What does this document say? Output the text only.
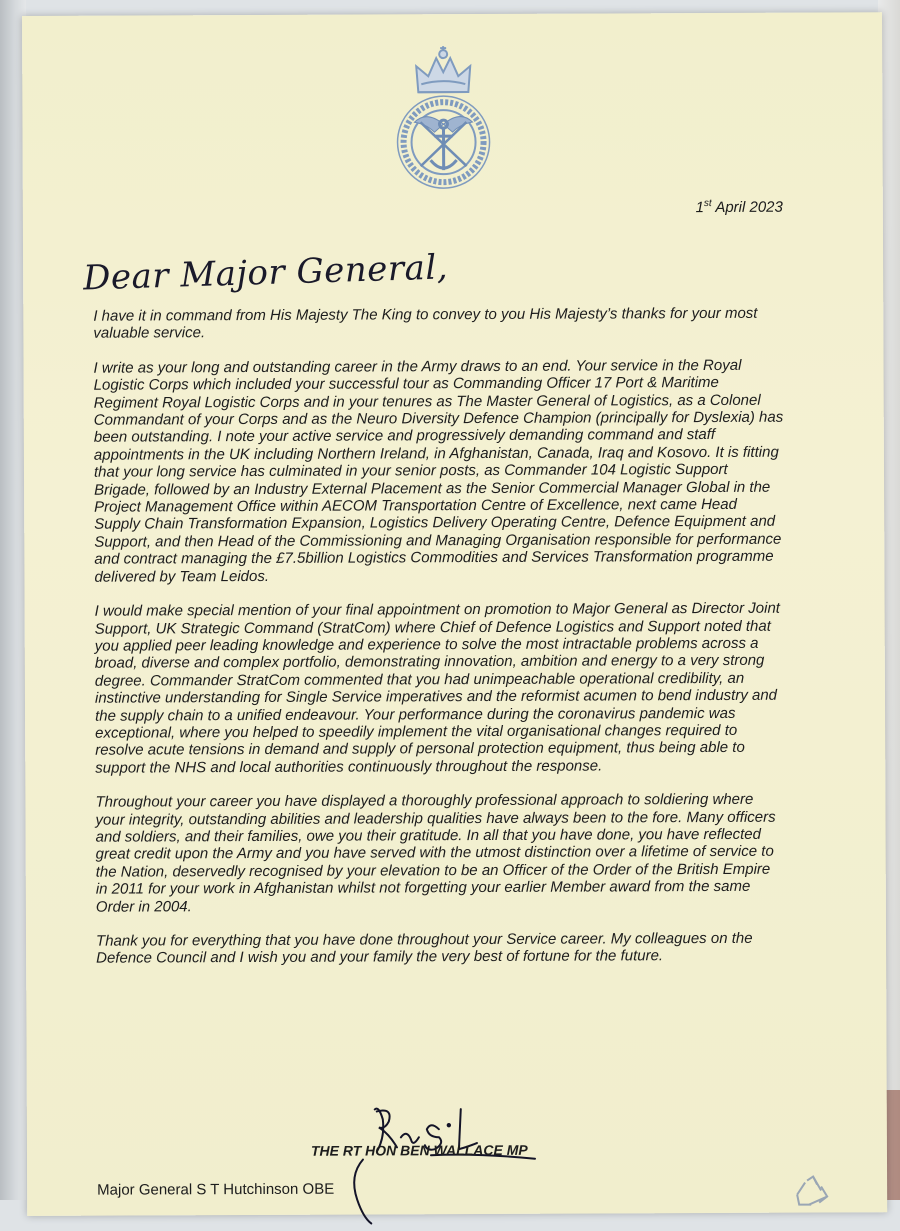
1st April 2023
Dear Major General,

I have it in command from His Majesty The King to convey to you His Majesty’s thanks for your most valuable service.

I write as your long and outstanding career in the Army draws to an end. Your service in the Royal Logistic Corps which included your successful tour as Commanding Officer 17 Port & Maritime Regiment Royal Logistic Corps and in your tenures as The Master General of Logistics, as a Colonel Commandant of your Corps and as the Neuro Diversity Defence Champion (principally for Dyslexia) has been outstanding. I note your active service and progressively demanding command and staff appointments in the UK including Northern Ireland, in Afghanistan, Canada, Iraq and Kosovo. It is fitting that your long service has culminated in your senior posts, as Commander 104 Logistic Support Brigade, followed by an Industry External Placement as the Senior Commercial Manager Global in the Project Management Office within AECOM Transportation Centre of Excellence, next came Head Supply Chain Transformation Expansion, Logistics Delivery Operating Centre, Defence Equipment and Support, and then Head of the Commissioning and Managing Organisation responsible for performance and contract managing the £7.5billion Logistics Commodities and Services Transformation programme delivered by Team Leidos.

I would make special mention of your final appointment on promotion to Major General as Director Joint Support, UK Strategic Command (StratCom) where Chief of Defence Logistics and Support noted that you applied peer leading knowledge and experience to solve the most intractable problems across a broad, diverse and complex portfolio, demonstrating innovation, ambition and energy to a very strong degree. Commander StratCom commented that you had unimpeachable operational credibility, an instinctive understanding for Single Service imperatives and the reformist acumen to bend industry and the supply chain to a unified endeavour. Your performance during the coronavirus pandemic was exceptional, where you helped to speedily implement the vital organisational changes required to resolve acute tensions in demand and supply of personal protection equipment, thus being able to support the NHS and local authorities continuously throughout the response.

Throughout your career you have displayed a thoroughly professional approach to soldiering where your integrity, outstanding abilities and leadership qualities have always been to the fore. Many officers and soldiers, and their families, owe you their gratitude. In all that you have done, you have reflected great credit upon the Army and you have served with the utmost distinction over a lifetime of service to the Nation, deservedly recognised by your elevation to be an Officer of the Order of the British Empire in 2011 for your work in Afghanistan whilst not forgetting your earlier Member award from the same Order in 2004.

Thank you for everything that you have done throughout your Service career. My colleagues on the Defence Council and I wish you and your family the very best of fortune for the future.

THE RT HON BEN WALLACE MP
Major General S T Hutchinson OBE
